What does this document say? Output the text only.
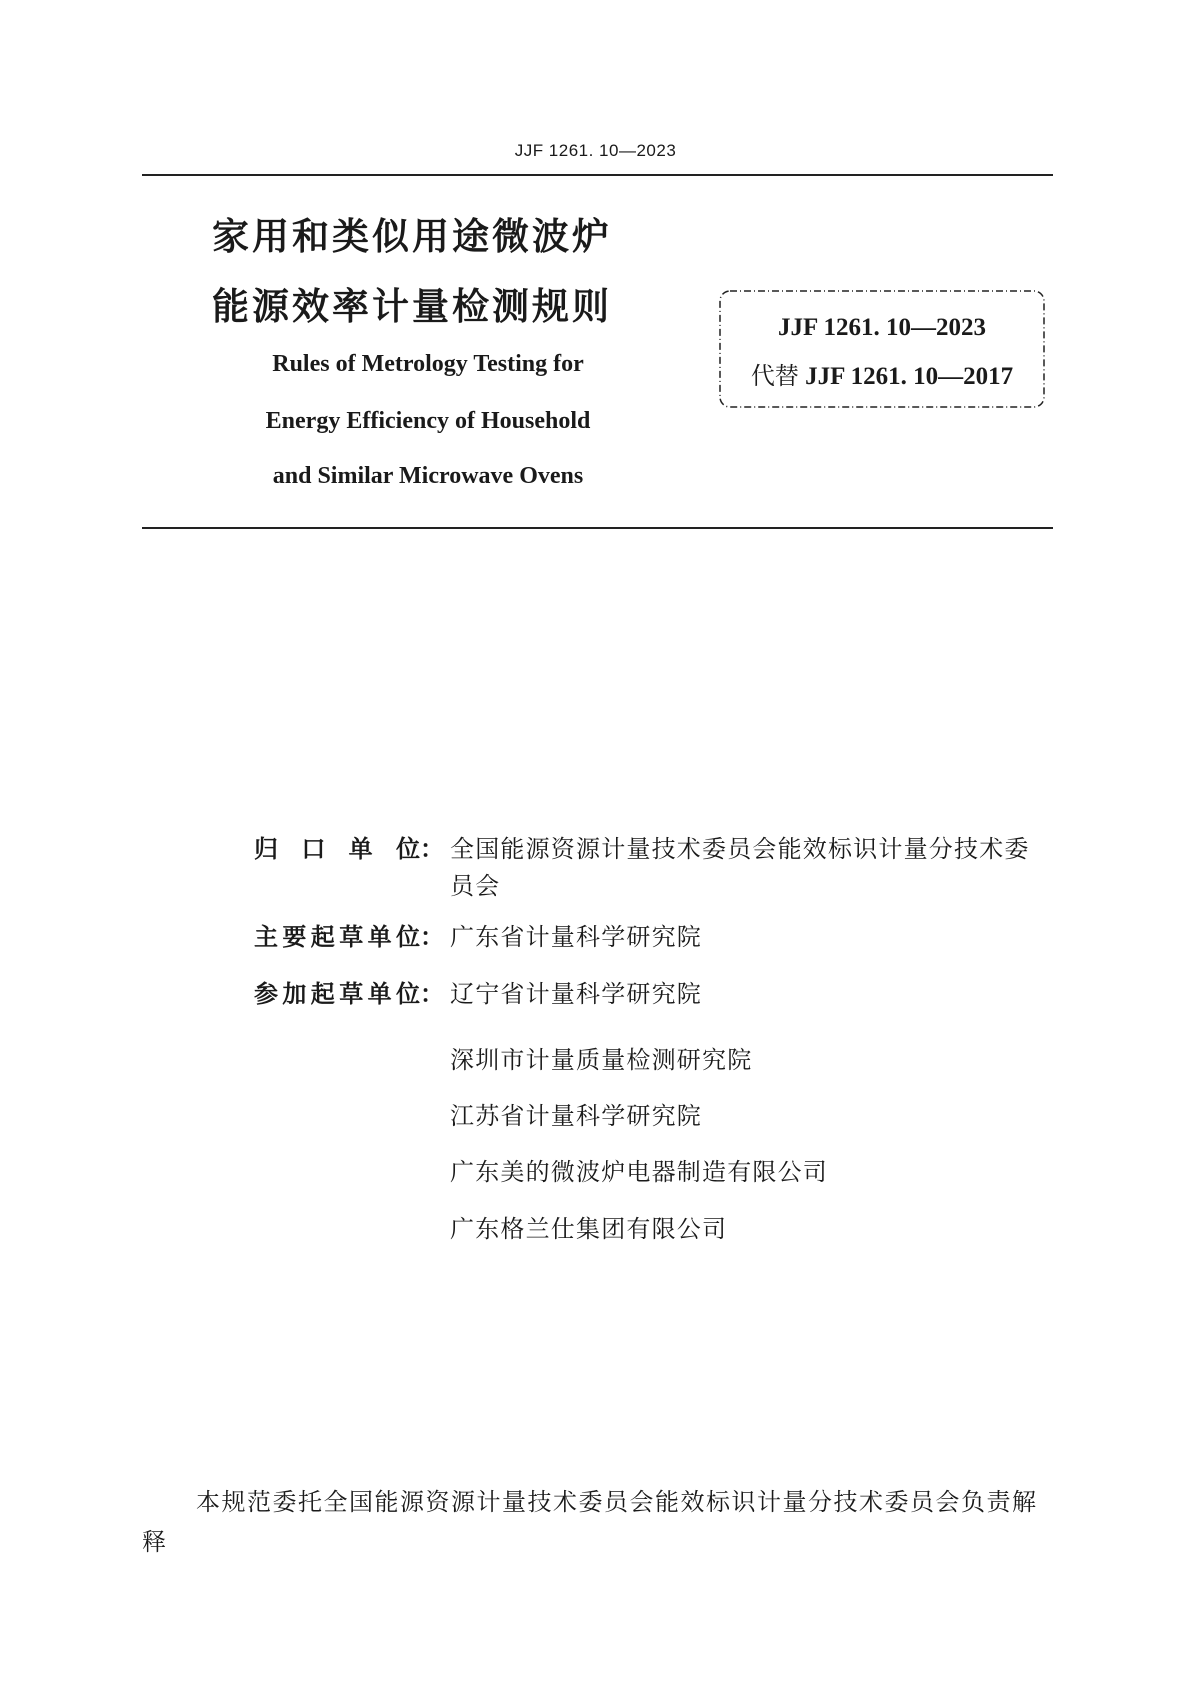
JJF 1261. 10—2023
家用和类似用途微波炉
能源效率计量检测规则
Rules of Metrology Testing for
Energy Efficiency of Household
and Similar Microwave Ovens
JJF 1261. 10—2023
代替 JJF 1261. 10—2017
归口单位： 全国能源资源计量技术委员会能效标识计量分技术委员会
主要起草单位： 广东省计量科学研究院
参加起草单位： 辽宁省计量科学研究院
深圳市计量质量检测研究院
江苏省计量科学研究院
广东美的微波炉电器制造有限公司
广东格兰仕集团有限公司
本规范委托全国能源资源计量技术委员会能效标识计量分技术委员会负责解释
